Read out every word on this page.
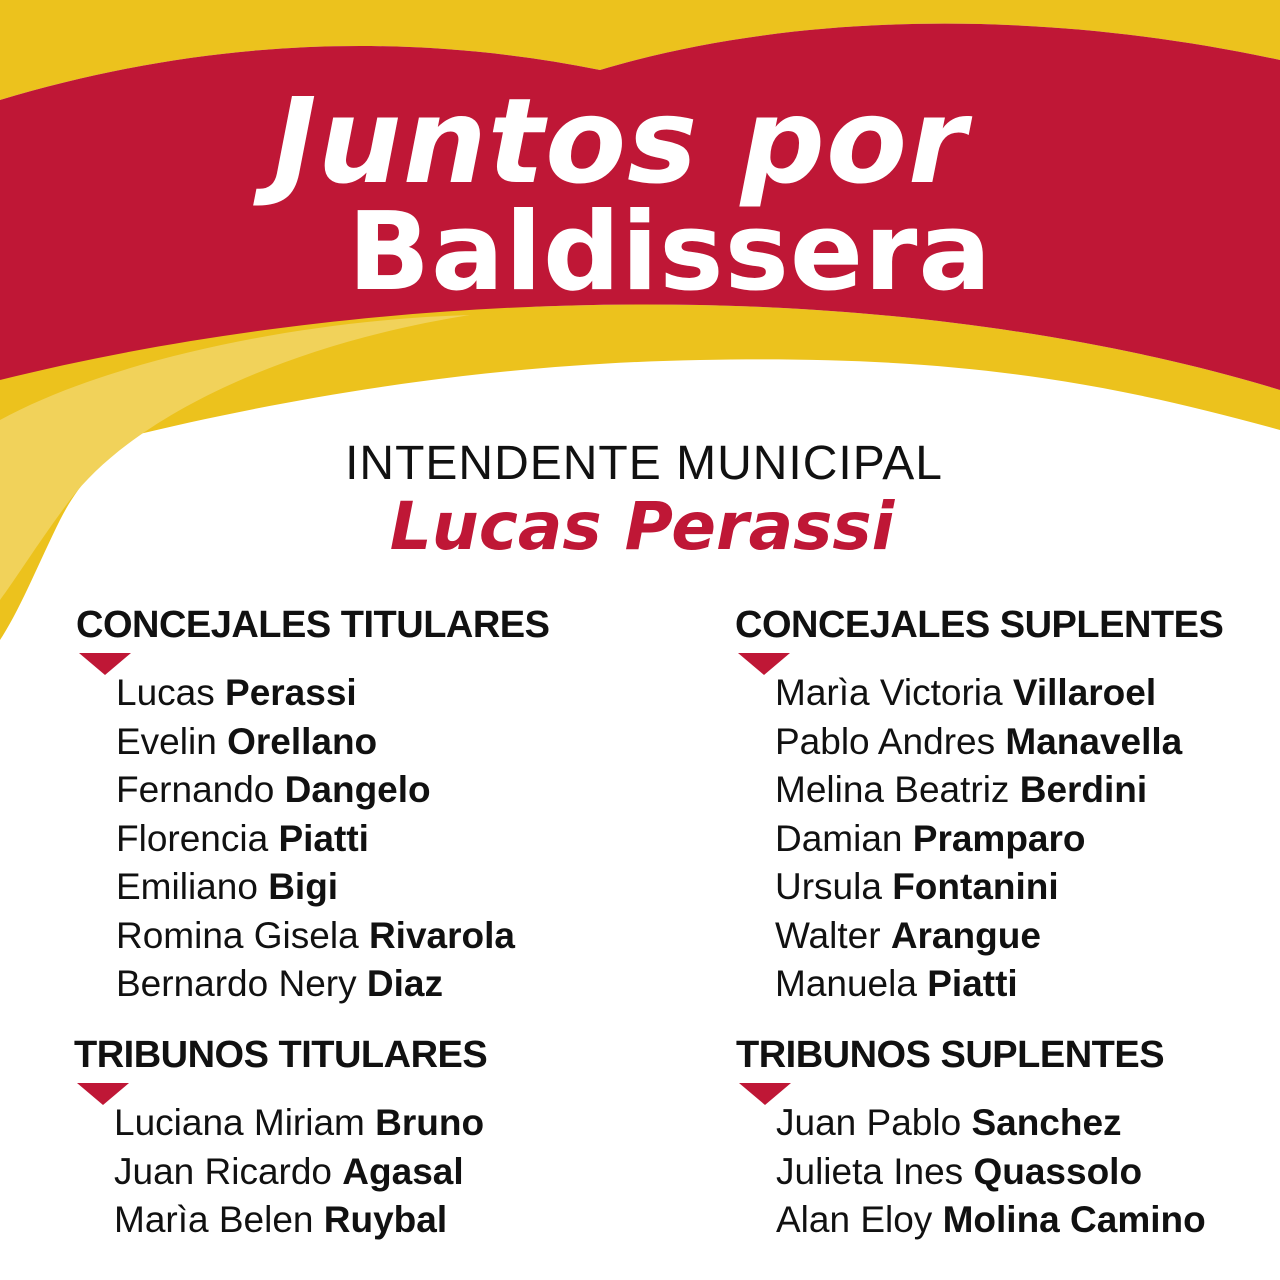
Juntos por
Baldissera
INTENDENTE MUNICIPAL
Lucas Perassi
CONCEJALES TITULARES
Lucas Perassi
Evelin Orellano
Fernando Dangelo
Florencia Piatti
Emiliano Bigi
Romina Gisela Rivarola
Bernardo Nery Diaz
CONCEJALES SUPLENTES
Marìa Victoria Villaroel
Pablo Andres Manavella
Melina Beatriz Berdini
Damian Pramparo
Ursula Fontanini
Walter Arangue
Manuela Piatti
TRIBUNOS TITULARES
Luciana Miriam Bruno
Juan Ricardo Agasal
Marìa Belen Ruybal
TRIBUNOS SUPLENTES
Juan Pablo Sanchez
Julieta Ines Quassolo
Alan Eloy Molina Camino
